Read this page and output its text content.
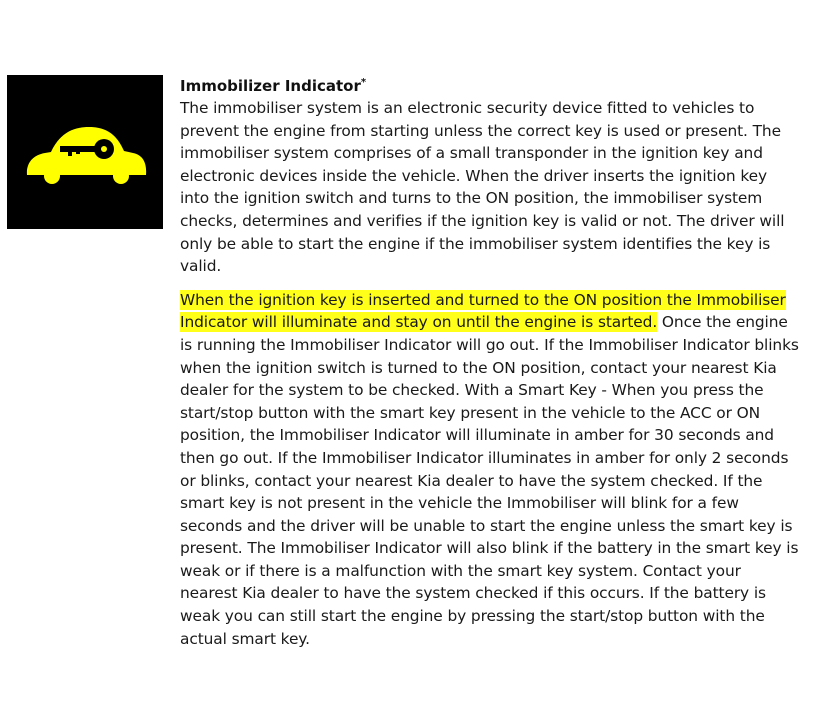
Immobilizer Indicator*

The immobiliser system is an electronic security device fitted to vehicles to prevent the engine from starting unless the correct key is used or present. The immobiliser system comprises of a small transponder in the ignition key and electronic devices inside the vehicle. When the driver inserts the ignition key into the ignition switch and turns to the ON position, the immobiliser system checks, determines and verifies if the ignition key is valid or not. The driver will only be able to start the engine if the immobiliser system identifies the key is valid.

When the ignition key is inserted and turned to the ON position the Immobiliser Indicator will illuminate and stay on until the engine is started. Once the engine is running the Immobiliser Indicator will go out. If the Immobiliser Indicator blinks when the ignition switch is turned to the ON position, contact your nearest Kia dealer for the system to be checked. With a Smart Key - When you press the start/stop button with the smart key present in the vehicle to the ACC or ON position, the Immobiliser Indicator will illuminate in amber for 30 seconds and then go out. If the Immobiliser Indicator illuminates in amber for only 2 seconds or blinks, contact your nearest Kia dealer to have the system checked. If the smart key is not present in the vehicle the Immobiliser will blink for a few seconds and the driver will be unable to start the engine unless the smart key is present. The Immobiliser Indicator will also blink if the battery in the smart key is weak or if there is a malfunction with the smart key system. Contact your nearest Kia dealer to have the system checked if this occurs. If the battery is weak you can still start the engine by pressing the start/stop button with the actual smart key.
